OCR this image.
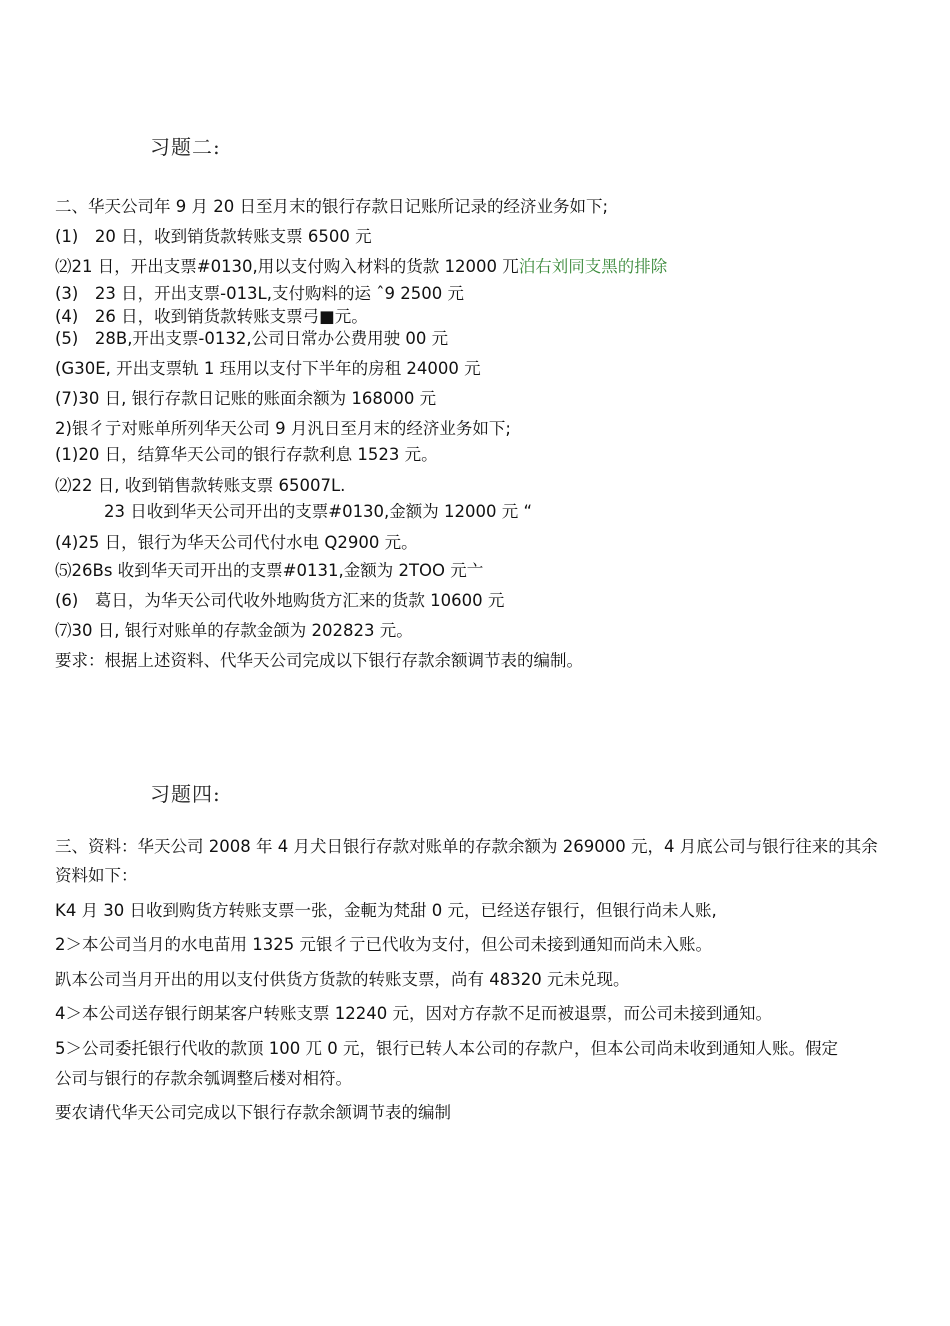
习题二:
二、华天公司年 9 月 20 日至月末的银行存款日记账所记录的经济业务如下;
(1)　20 日，收到销货款转账支票 6500 元
⑵21 日，开出支票#0130,用以支付购入材料的货款 12000 兀泊右刘同支黑的排除
(3)　23 日，开出支票-013L,支付购料的运 ˆ9 2500 元
(4)　26 日，收到销货款转账支票弓■元。
(5)　28B,开出支票-0132,公司日常办公费用驶 00 元
(G30E, 开出支票轨 1 珏用以支付下半年的房租 24000 元
(7)30 日, 银行存款日记账的账面余额为 168000 元
2)银彳亍对账单所列华天公司 9 月汎日至月末的经济业务如下;
(1)20 日，结算华天公司的银行存款利息 1523 元。
⑵22 日, 收到销售款转账支票 65007L.
23 日收到华天公司开出的支票#0130,金额为 12000 元 “
(4)25 日，银行为华天公司代付水电 Q2900 元。
⑸26Bs 收到华天司开出的支票#0131,金额为 2TOO 元亠
(6)　葛日，为华天公司代收外地购货方汇来的货款 10600 元
⑺30 日, 银行对账单的存款金颌为 202823 元。
要求：根据上述资料、代华天公司完成以下银行存款余额调节表的编制。
习题四:
三、资料：华天公司 2008 年 4 月犬日银行存款对账单的存款余额为 269000 元，4 月底公司与银行往来的其余
资料如下：
K4 月 30 日收到购货方转账支票一张，金軛为梵甜 0 元，已经送存银行，但银行尚未人账,
2＞本公司当月的水电苗用 1325 元银彳亍已代收为支付，但公司未接到通知而尚未入账。
趴本公司当月开出的用以支付供货方货款的转账支票，尚有 48320 元未兑现。
4＞本公司送存银行朗某客户转账支票 12240 元，因对方存款不足而被退票，而公司未接到通知。
5＞公司委托银行代收的款顶 100 兀 0 元，银行已转人本公司的存款户，但本公司尚未收到通知人账。假定
公司与银行的存款余瓠调整后楼对相符。
要农请代华天公司完成以下银行存款余颔调节表的编制
